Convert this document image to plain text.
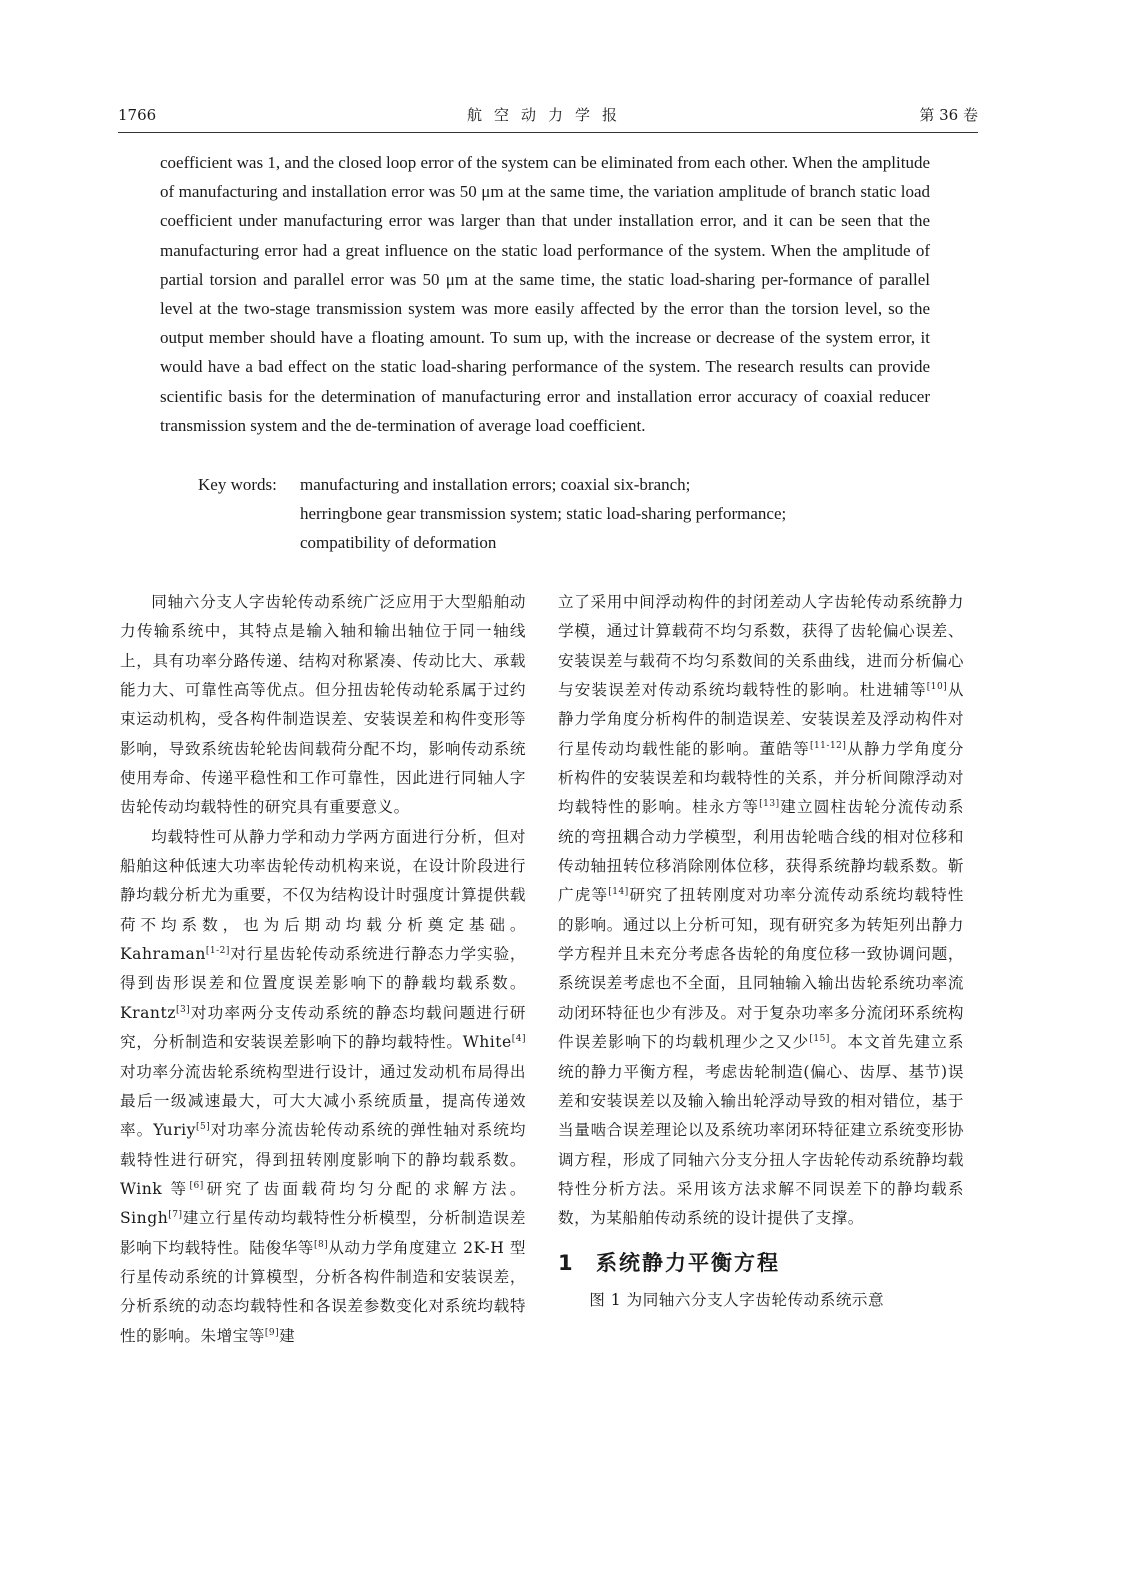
1766	航空动力学报	第 36 卷

coefficient was 1, and the closed loop error of the system can be eliminated from each other. When the amplitude of manufacturing and installation error was 50 μm at the same time, the variation amplitude of branch static load coefficient under manufacturing error was larger than that under installation error, and it can be seen that the manufacturing error had a great influence on the static load performance of the system. When the amplitude of partial torsion and parallel error was 50 μm at the same time, the static load-sharing per-formance of parallel level at the two-stage transmission system was more easily affected by the error than the torsion level, so the output member should have a floating amount. To sum up, with the increase or decrease of the system error, it would have a bad effect on the static load-sharing performance of the system. The research results can provide scientific basis for the determination of manufacturing error and installation error accuracy of coaxial reducer transmission system and the de-termination of average load coefficient.

Key words: manufacturing and installation errors; coaxial six-branch;
herringbone gear transmission system; static load-sharing performance;
compatibility of deformation

同轴六分支人字齿轮传动系统广泛应用于大型船舶动力传输系统中，其特点是输入轴和输出轴位于同一轴线上，具有功率分路传递、结构对称紧凑、传动比大、承载能力大、可靠性高等优点。但分扭齿轮传动轮系属于过约束运动机构，受各构件制造误差、安装误差和构件变形等影响，导致系统齿轮轮齿间载荷分配不均，影响传动系统使用寿命、传递平稳性和工作可靠性，因此进行同轴人字齿轮传动均载特性的研究具有重要意义。

均载特性可从静力学和动力学两方面进行分析，但对船舶这种低速大功率齿轮传动机构来说，在设计阶段进行静均载分析尤为重要，不仅为结构设计时强度计算提供载荷不均系数，也为后期动均载分析奠定基础。Kahraman[1-2]对行星齿轮传动系统进行静态力学实验，得到齿形误差和位置度误差影响下的静载均载系数。Krantz[3]对功率两分支传动系统的静态均载问题进行研究，分析制造和安装误差影响下的静均载特性。White[4]对功率分流齿轮系统构型进行设计，通过发动机布局得出最后一级减速最大，可大大减小系统质量，提高传递效率。Yuriy[5]对功率分流齿轮传动系统的弹性轴对系统均载特性进行研究，得到扭转刚度影响下的静均载系数。Wink 等[6]研究了齿面载荷均匀分配的求解方法。Singh[7]建立行星传动均载特性分析模型，分析制造误差影响下均载特性。陆俊华等[8]从动力学角度建立 2K-H 型行星传动系统的计算模型，分析各构件制造和安装误差，分析系统的动态均载特性和各误差参数变化对系统均载特性的影响。朱增宝等[9]建

立了采用中间浮动构件的封闭差动人字齿轮传动系统静力学模，通过计算载荷不均匀系数，获得了齿轮偏心误差、安装误差与载荷不均匀系数间的关系曲线，进而分析偏心与安装误差对传动系统均载特性的影响。杜进辅等[10]从静力学角度分析构件的制造误差、安装误差及浮动构件对行星传动均载性能的影响。董皓等[11-12]从静力学角度分析构件的安装误差和均载特性的关系，并分析间隙浮动对均载特性的影响。桂永方等[13]建立圆柱齿轮分流传动系统的弯扭耦合动力学模型，利用齿轮啮合线的相对位移和传动轴扭转位移消除刚体位移，获得系统静均载系数。靳广虎等[14]研究了扭转刚度对功率分流传动系统均载特性的影响。通过以上分析可知，现有研究多为转矩列出静力学方程并且未充分考虑各齿轮的角度位移一致协调问题，系统误差考虑也不全面，且同轴输入输出齿轮系统功率流动闭环特征也少有涉及。对于复杂功率多分流闭环系统构件误差影响下的均载机理少之又少[15]。本文首先建立系统的静力平衡方程，考虑齿轮制造(偏心、齿厚、基节)误差和安装误差以及输入输出轮浮动导致的相对错位，基于当量啮合误差理论以及系统功率闭环特征建立系统变形协调方程，形成了同轴六分支分扭人字齿轮传动系统静均载特性分析方法。采用该方法求解不同误差下的静均载系数，为某船舶传动系统的设计提供了支撑。

1 系统静力平衡方程

图 1 为同轴六分支人字齿轮传动系统示意
